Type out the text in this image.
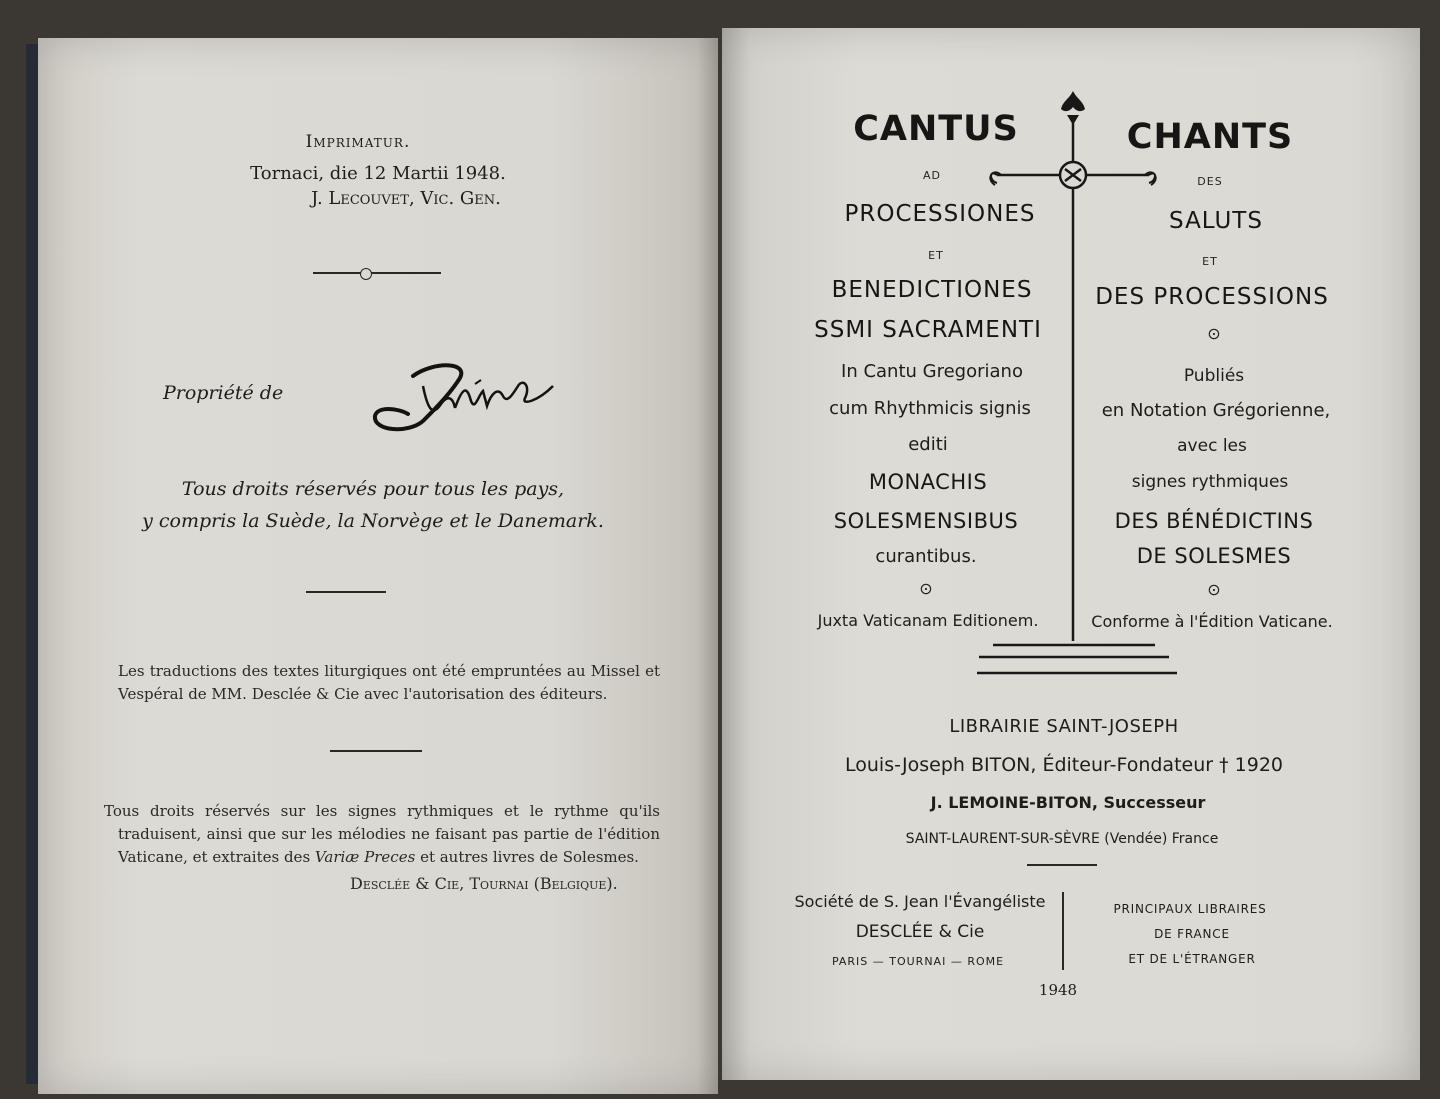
Imprimatur.
Tornaci, die 12 Martii 1948.
J. Lecouvet, Vic. Gen.
Propriété de
Tous droits réservés pour tous les pays,
y compris la Suède, la Norvège et le Danemark.
Les traductions des textes liturgiques ont été empruntées au Missel et
Vespéral de MM. Desclée & Cie avec l'autorisation des éditeurs.
Tous droits réservés sur les signes rythmiques et le rythme qu'ils
traduisent, ainsi que sur les mélodies ne faisant pas partie de l'édition
Vaticane, et extraites des Variæ Preces et autres livres de Solesmes.
Desclée & Cie, Tournai (Belgique).
CANTUS
AD
PROCESSIONES
ET
BENEDICTIONES
SSMI SACRAMENTI
In Cantu Gregoriano
cum Rhythmicis signis
editi
MONACHIS
SOLESMENSIBUS
curantibus.
⊙
Juxta Vaticanam Editionem.
CHANTS
DES
SALUTS
ET
DES PROCESSIONS
⊙
Publiés
en Notation Grégorienne,
avec les
signes rythmiques
DES BÉNÉDICTINS
DE SOLESMES
⊙
Conforme à l'Édition Vaticane.
LIBRAIRIE SAINT-JOSEPH
Louis-Joseph BITON, Éditeur-Fondateur † 1920
J. LEMOINE-BITON, Successeur
SAINT-LAURENT-SUR-SÈVRE (Vendée) France
Société de S. Jean l'Évangéliste
DESCLÉE & Cie
PARIS — TOURNAI — ROME
PRINCIPAUX LIBRAIRES
DE FRANCE
ET DE L'ÉTRANGER
1948
